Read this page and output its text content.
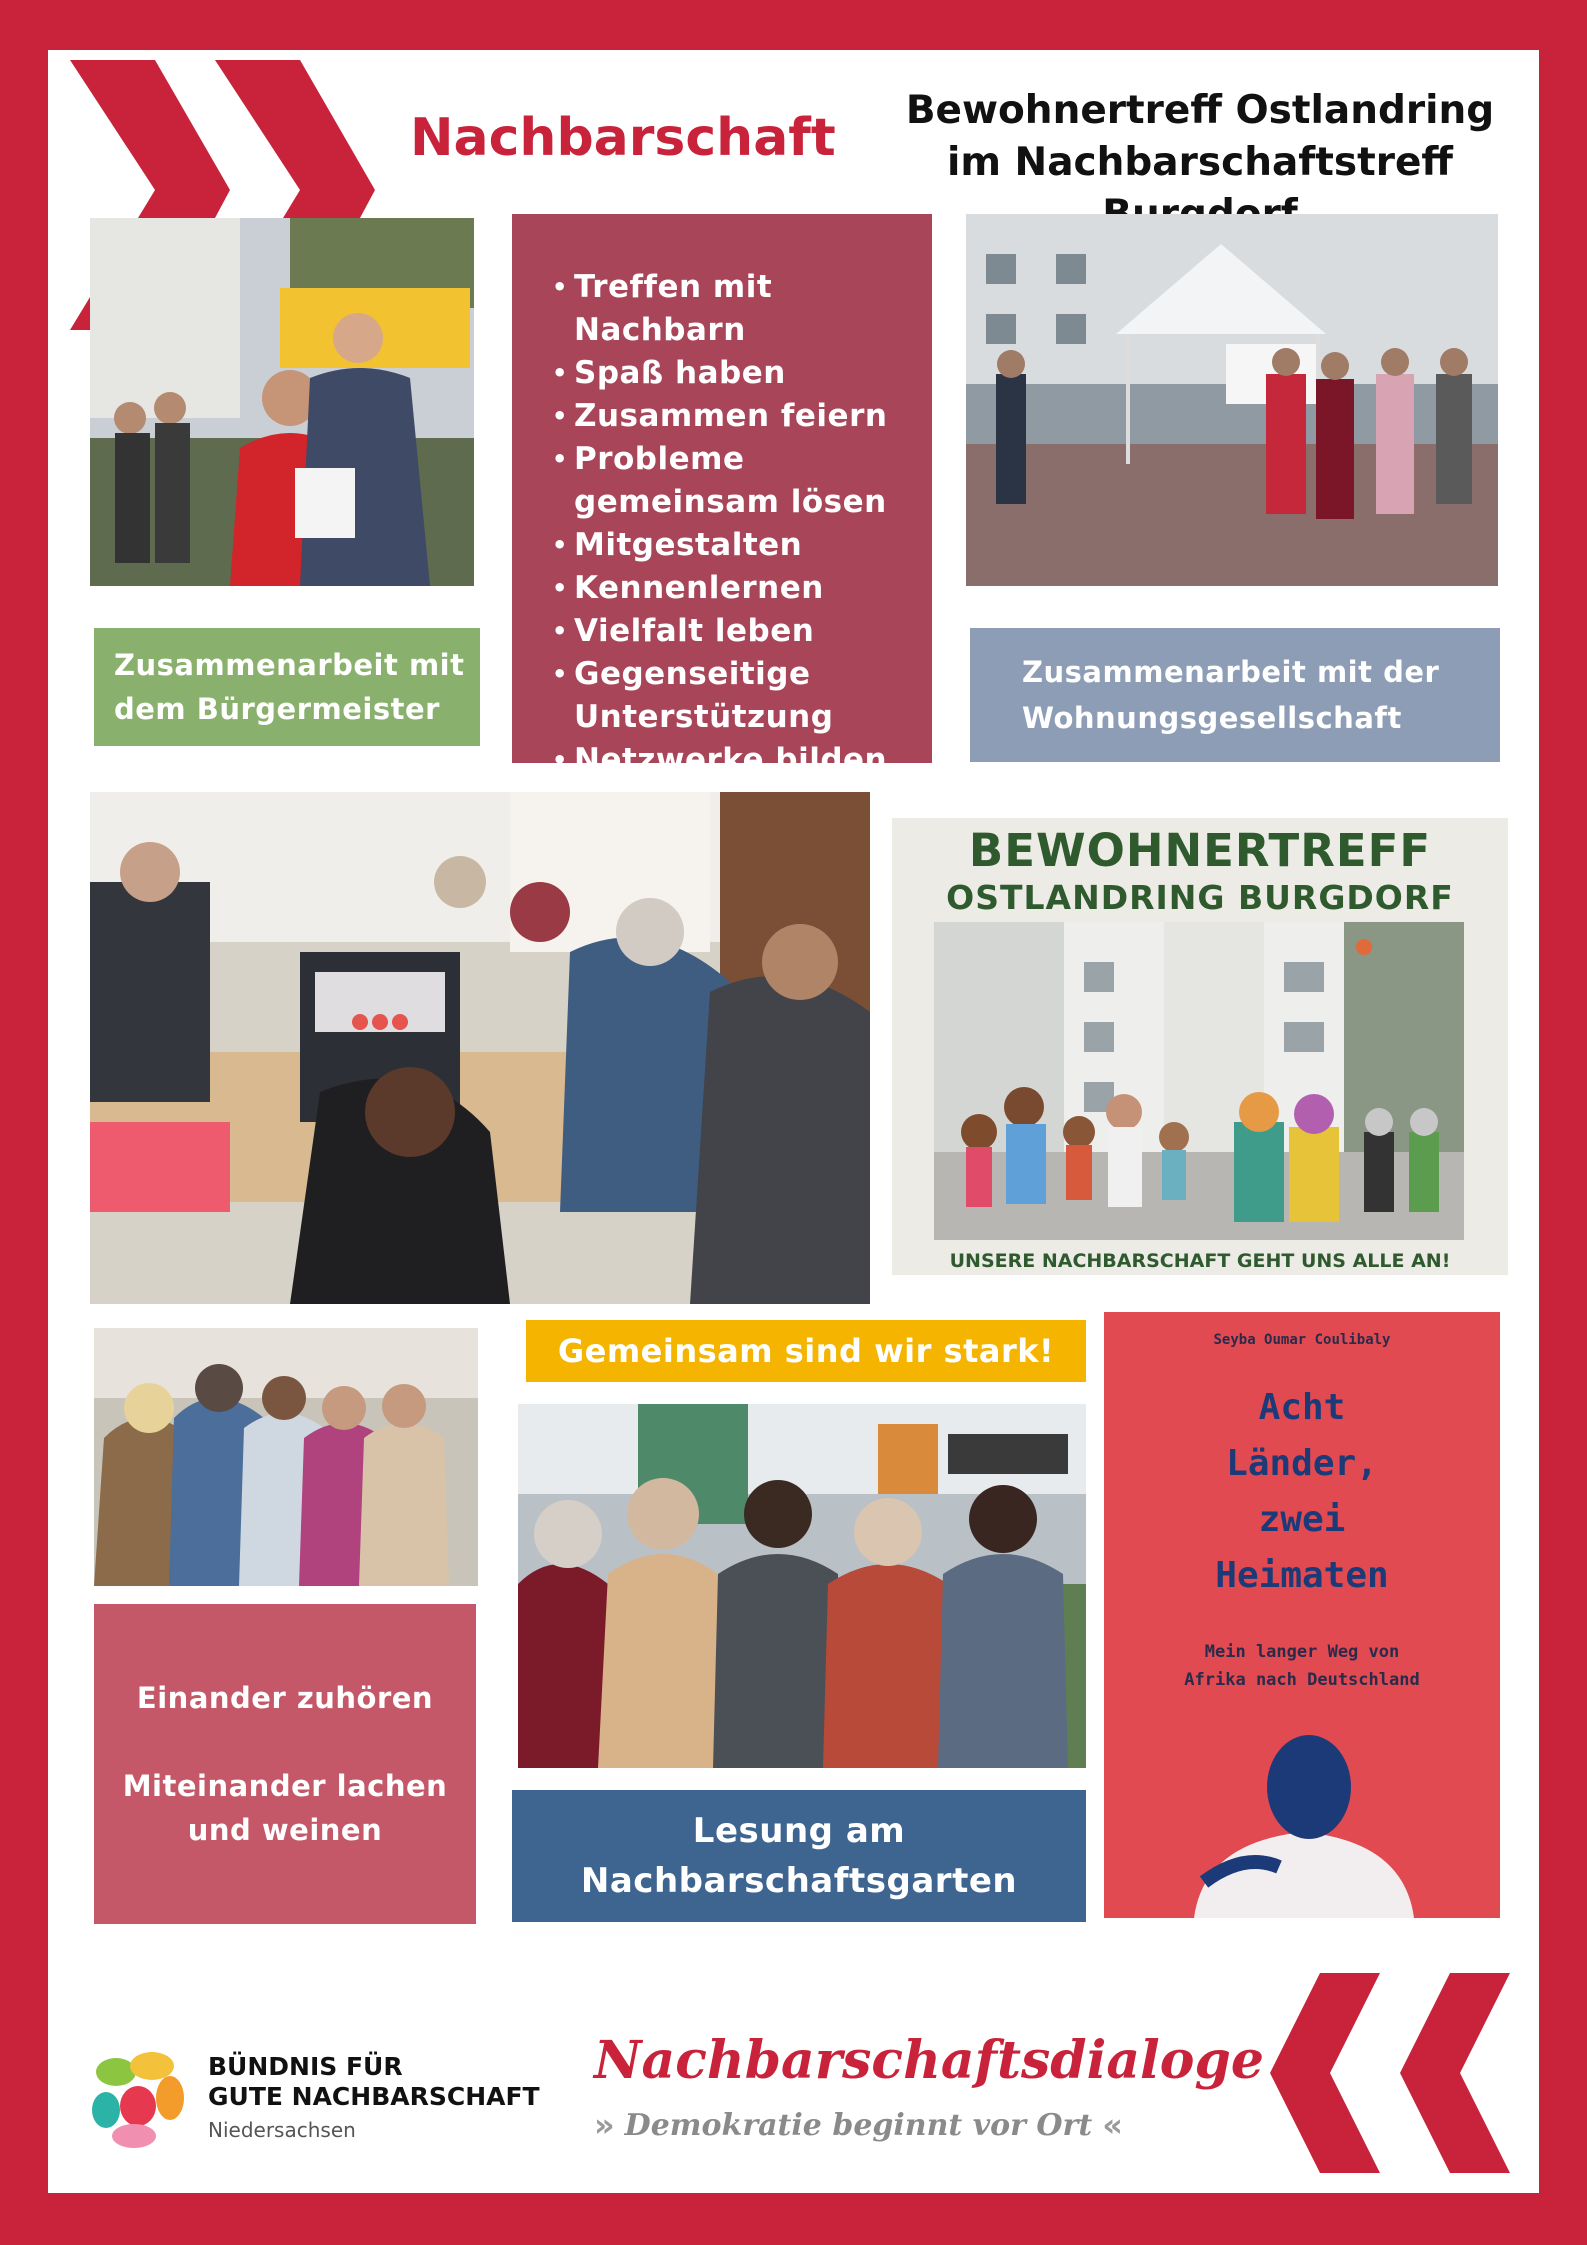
Nachbarschaft	Bewohnertreff Ostlandring
im Nachbarschaftstreff
• Treffen mit Nachbarn
• Spaß haben
• Zusammen feiern
• Probleme gemeinsam lösen
• Mitgestalten
• Kennenlernen
• Vielfalt leben
• Gegenseitige Unterstützung
• Netzwerke bilden
Zusammenarbeit mit
dem Bürgermeister
Zusammenarbeit mit der
Wohnungsgesellschaft
BEWOHNERTREFF
OSTLANDRING BURGDORF
UNSERE NACHBARSCHAFT GEHT UNS ALLE AN!
Gemeinsam sind wir stark!	Seyba Oumar Coulibaly
Acht
Länder,
zwei
Heimaten
Mein langer Weg von
Afrika nach Deutschland
Einander zuhören
Miteinander lachen
und weinen	Lesung am
Nachbarschaftsgarten
BÜNDNIS FÜR
GUTE NACHBARSCHAFT
Niedersachsen
Nachbarschaftsdialoge
» Demokratie beginnt vor Ort «
